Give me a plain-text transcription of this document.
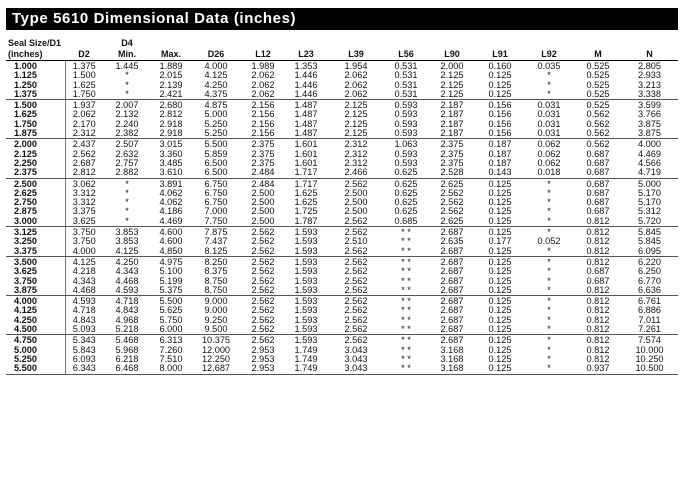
Type 5610 Dimensional Data (inches)
Seal Size/D1		D4											
(inches)	D2	Min.	Max.	D26	L12	L23	L39	L56	L90	L91	L92	M	N
1.000	1.375	1.445	1.889	4.000	1.989	1.353	1.954	0.531	2.000	0.160	0.035	0.525	2.805
1.125	1.500	*	2.015	4.125	2.062	1.446	2.062	0.531	2.125	0.125	*	0.525	2.933
1.250	1.625	*	2.139	4.250	2.062	1.446	2.062	0.531	2.125	0.125	*	0.525	3.213
1.375	1.750	*	2.421	4.375	2.062	1.446	2.062	0.531	2.125	0.125	*	0.525	3.338
1.500	1.937	2.007	2.680	4.875	2.156	1.487	2.125	0.593	2.187	0.156	0.031	0.525	3.599
1.625	2.062	2.132	2.812	5.000	2.156	1.487	2.125	0.593	2.187	0.156	0.031	0.562	3.766
1.750	2.170	2.240	2.918	5.250	2.156	1.487	2.125	0.593	2.187	0.156	0.031	0.562	3.875
1.875	2.312	2.382	2.918	5.250	2.156	1.487	2.125	0.593	2.187	0.156	0.031	0.562	3.875
2.000	2.437	2.507	3.015	5.500	2.375	1.601	2.312	1.063	2.375	0.187	0.062	0.562	4.000
2.125	2.562	2.632	3.360	5.859	2.375	1.601	2.312	0.593	2.375	0.187	0.062	0.687	4.469
2.250	2.687	2.757	3.485	6.500	2.375	1.601	2.312	0.593	2.375	0.187	0.062	0.687	4.566
2.375	2.812	2.882	3.610	6.500	2.484	1.717	2.466	0.625	2.528	0.143	0.018	0.687	4.719
2.500	3.062	*	3.891	6.750	2.484	1.717	2.562	0.625	2.625	0.125	*	0.687	5.000
2.625	3.312	*	4.062	6.750	2.500	1.625	2.500	0.625	2.562	0.125	*	0.687	5.170
2.750	3.312	*	4.062	6.750	2.500	1.625	2.500	0.625	2.562	0.125	*	0.687	5.170
2.875	3.375	*	4.186	7.000	2.500	1.725	2.500	0.625	2.562	0.125	*	0.687	5.312
3.000	3.625	*	4.469	7.750	2.500	1.787	2.562	0.685	2.625	0.125	*	0.812	5.720
3.125	3.750	3.853	4.600	7.875	2.562	1.593	2.562	* *	2.687	0.125	*	0.812	5.845
3.250	3.750	3.853	4.600	7.437	2.562	1.593	2.510	* *	2.635	0.177	0.052	0.812	5.845
3.375	4.000	4.125	4.850	8.125	2.562	1.593	2.562	* *	2.687	0.125	*	0.812	6.095
3.500	4.125	4.250	4.975	8.250	2.562	1.593	2.562	* *	2.687	0.125	*	0.812	6.220
3.625	4.218	4.343	5.100	8.375	2.562	1.593	2.562	* *	2.687	0.125	*	0.687	6.250
3.750	4.343	4.468	5.199	8.750	2.562	1.593	2.562	* *	2.687	0.125	*	0.687	6.770
3.875	4.468	4.593	5.375	8.750	2.562	1.593	2.562	* *	2.687	0.125	*	0.812	6.636
4.000	4.593	4.718	5.500	9.000	2.562	1.593	2.562	* *	2.687	0.125	*	0.812	6.761
4.125	4.718	4.843	5.625	9.000	2.562	1.593	2.562	* *	2.687	0.125	*	0.812	6.886
4.250	4.843	4.968	5.750	9.250	2.562	1.593	2.562	* *	2.687	0.125	*	0.812	7.011
4.500	5.093	5.218	6.000	9.500	2.562	1.593	2.562	* *	2.687	0.125	*	0.812	7.261
4.750	5.343	5.468	6.313	10.375	2.562	1.593	2.562	* *	2.687	0.125	*	0.812	7.574
5.000	5.843	5.968	7.260	12.000	2.953	1.749	3.043	* *	3.168	0.125	*	0.812	10.000
5.250	6.093	6.218	7.510	12.250	2.953	1.749	3.043	* *	3.168	0.125	*	0.812	10.250
5.500	6.343	6.468	8.000	12.687	2.953	1.749	3.043	* *	3.168	0.125	*	0.937	10.500
